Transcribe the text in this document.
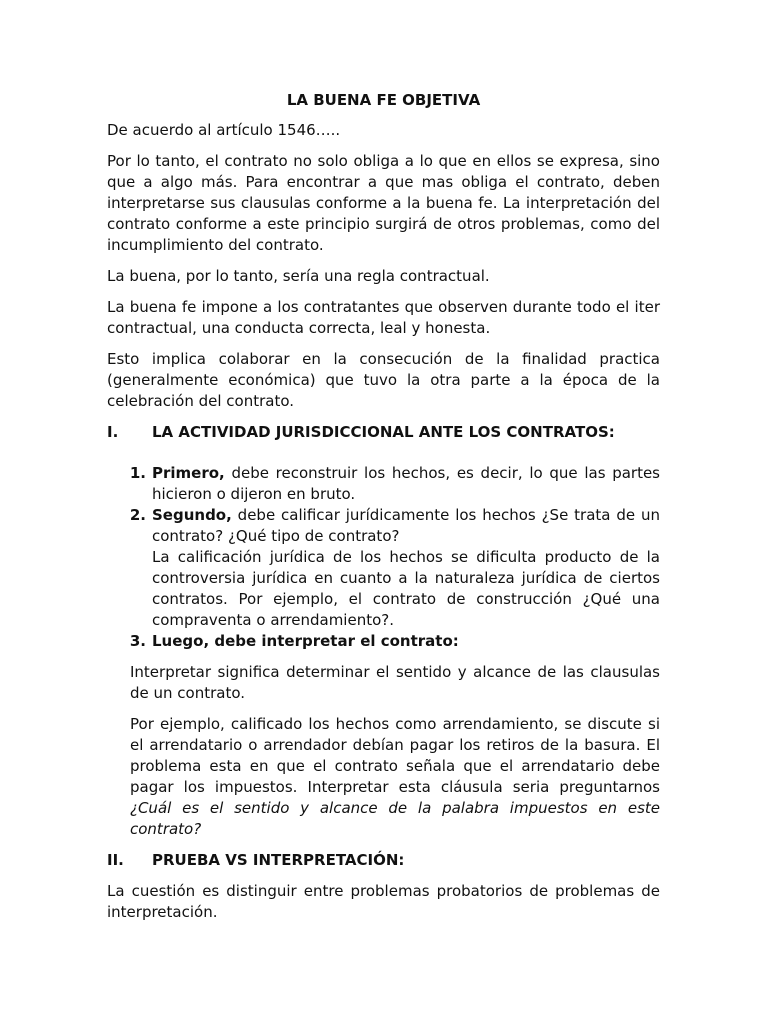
LA BUENA FE OBJETIVA

De acuerdo al artículo 1546…..

Por lo tanto, el contrato no solo obliga a lo que en ellos se expresa, sino que a algo más. Para encontrar a que mas obliga el contrato, deben interpretarse sus clausulas conforme a la buena fe. La interpretación del contrato conforme a este principio surgirá de otros problemas, como del incumplimiento del contrato.

La buena, por lo tanto, sería una regla contractual.

La buena fe impone a los contratantes que observen durante todo el iter contractual, una conducta correcta, leal y honesta.

Esto implica colaborar en la consecución de la finalidad practica (generalmente económica) que tuvo la otra parte a la época de la celebración del contrato.

I.	LA ACTIVIDAD JURISDICCIONAL ANTE LOS CONTRATOS:
1. Primero, debe reconstruir los hechos, es decir, lo que las partes hicieron o dijeron en bruto.
2. Segundo, debe calificar jurídicamente los hechos ¿Se trata de un contrato? ¿Qué tipo de contrato?
La calificación jurídica de los hechos se dificulta producto de la controversia jurídica en cuanto a la naturaleza jurídica de ciertos contratos. Por ejemplo, el contrato de construcción ¿Qué una compraventa o arrendamiento?.
3. Luego, debe interpretar el contrato:

Interpretar significa determinar el sentido y alcance de las clausulas de un contrato.

Por ejemplo, calificado los hechos como arrendamiento, se discute si el arrendatario o arrendador debían pagar los retiros de la basura. El problema esta en que el contrato señala que el arrendatario debe pagar los impuestos. Interpretar esta cláusula seria preguntarnos ¿Cuál es el sentido y alcance de la palabra impuestos en este contrato?

II.	PRUEBA VS INTERPRETACIÓN:

La cuestión es distinguir entre problemas probatorios de problemas de interpretación.
